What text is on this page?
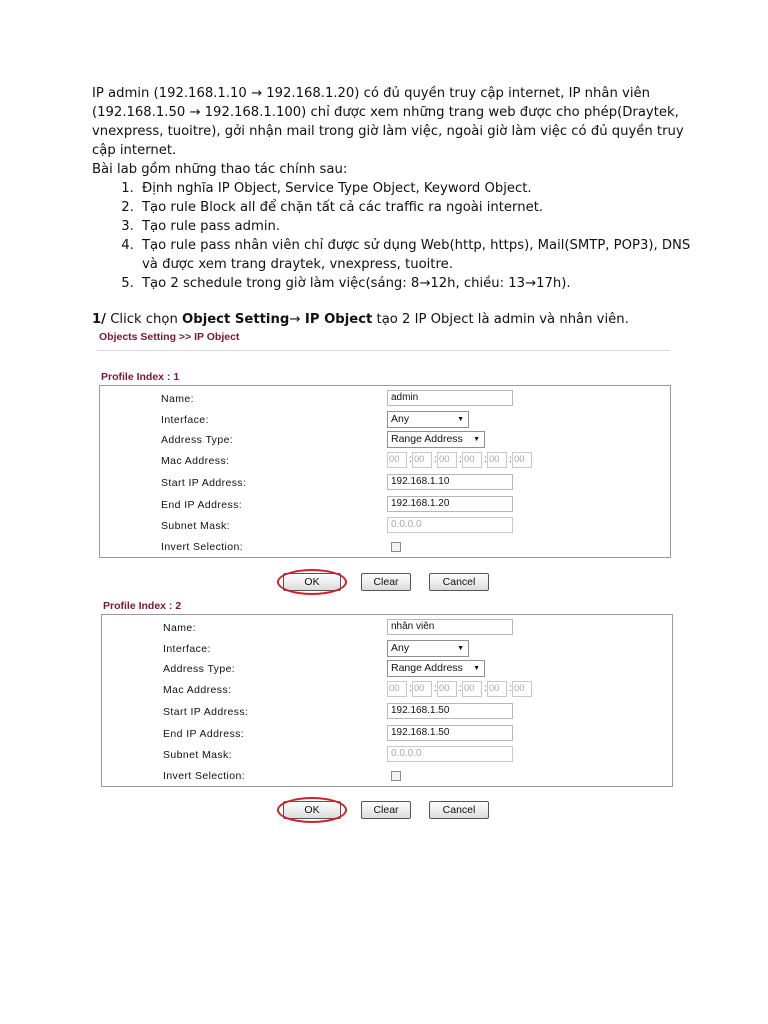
IP admin (192.168.1.10 → 192.168.1.20) có đủ quyền truy cập internet, IP nhân viên

(192.168.1.50 → 192.168.1.100) chỉ được xem những trang web được cho phép(Draytek,

vnexpress, tuoitre), gởi nhận mail trong giờ làm việc, ngoài giờ làm việc có đủ quyền truy

cập internet.

Bài lab gồm những thao tác chính sau:

1. Định nghĩa IP Object, Service Type Object, Keyword Object.
2. Tạo rule Block all để chặn tất cả các traffic ra ngoài internet.
3. Tạo rule pass admin.
4. Tạo rule pass nhân viên chỉ được sử dụng Web(http, https), Mail(SMTP, POP3), DNS và được xem trang draytek, vnexpress, tuoitre.
5. Tạo 2 schedule trong giờ làm việc(sáng: 8→12h, chiều: 13→17h).
1/ Click chọn Object Setting→ IP Object tạo 2 IP Object là admin và nhân viên.
Objects Setting >> IP Object
Profile Index : 1
Name:	admin
Interface:	Any	▼
Address Type:	Range Address ▼
Mac Address:	00 : 00 : 00 : 00 : 00 : 00
Start IP Address:	192.168.1.10
End IP Address:	192.168.1.20
Subnet Mask:	0.0.0.0
Invert Selection:
OK	Clear	Cancel
Profile Index : 2
Name:	nhân viên
Interface:	Any	▼
Address Type:	Range Address ▼
Mac Address:	00 : 00 : 00 : 00 : 00 : 00
Start IP Address:	192.168.1.50
End IP Address:	192.168.1.50
Subnet Mask:	0.0.0.0
Invert Selection:
OK	Clear	Cancel
